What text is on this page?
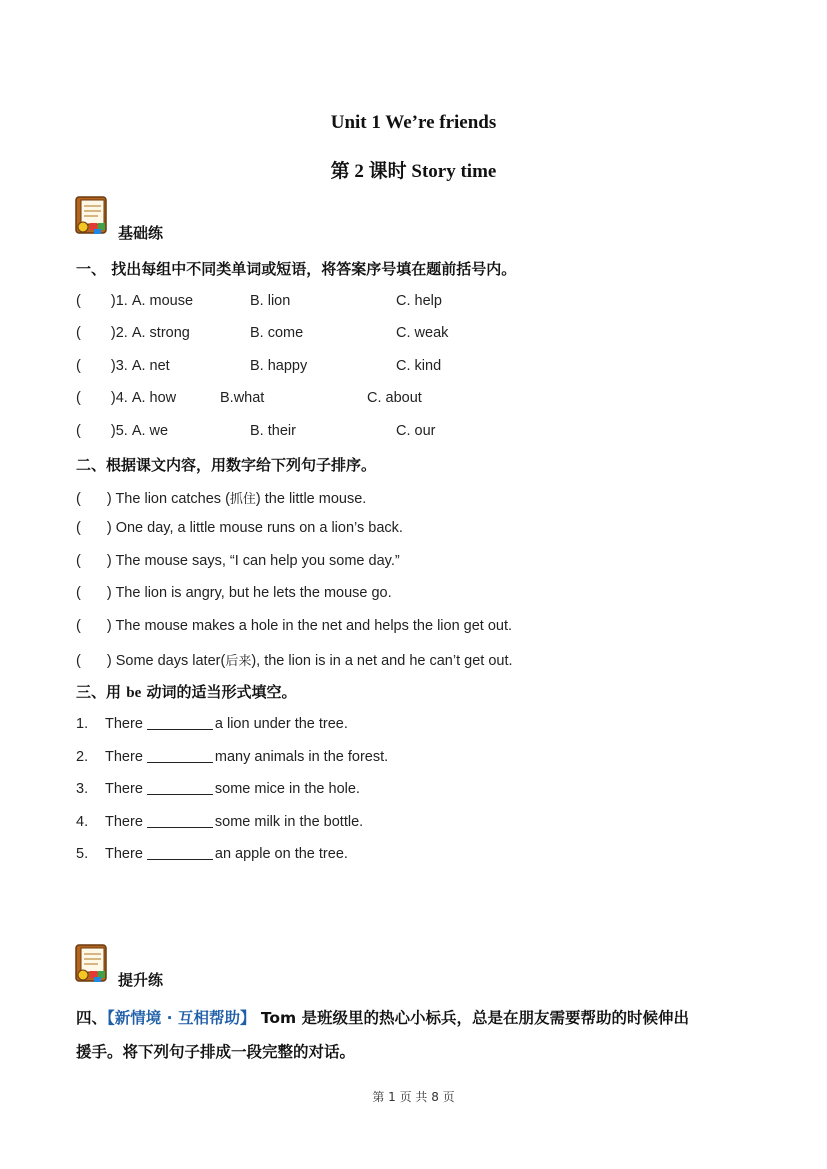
Unit 1 We’re friends
第 2 课时 Story time
基础练
一、 找出每组中不同类单词或短语，将答案序号填在题前括号内。
( )1. A. mouse	B. lion	C. help
( )2. A. strong	B. come	C. weak
( )3. A. net	B. happy	C. kind
( )4. A. how	B.what	C. about
( )5. A. we	B. their	C. our
二、根据课文内容，用数字给下列句子排序。
( ) The lion catches (抓住) the little mouse.
( ) One day, a little mouse runs on a lion’s back.
( ) The mouse says, “I can help you some day.”
( ) The lion is angry, but he lets the mouse go.
( ) The mouse makes a hole in the net and helps the lion get out.
( ) Some days later(后来), the lion is in a net and he can’t get out.
三、用 be 动词的适当形式填空。
1. There	a lion under the tree.
2. There	many animals in the forest.
3. There	some mice in the hole.
4. There	some milk in the bottle.
5. There	an apple on the tree.
提升练
四、【新情境 · 互相帮助】 Tom 是班级里的热心小标兵，总是在朋友需要帮助的时候伸出
援手。将下列句子排成一段完整的对话。
第 1 页 共 8 页
